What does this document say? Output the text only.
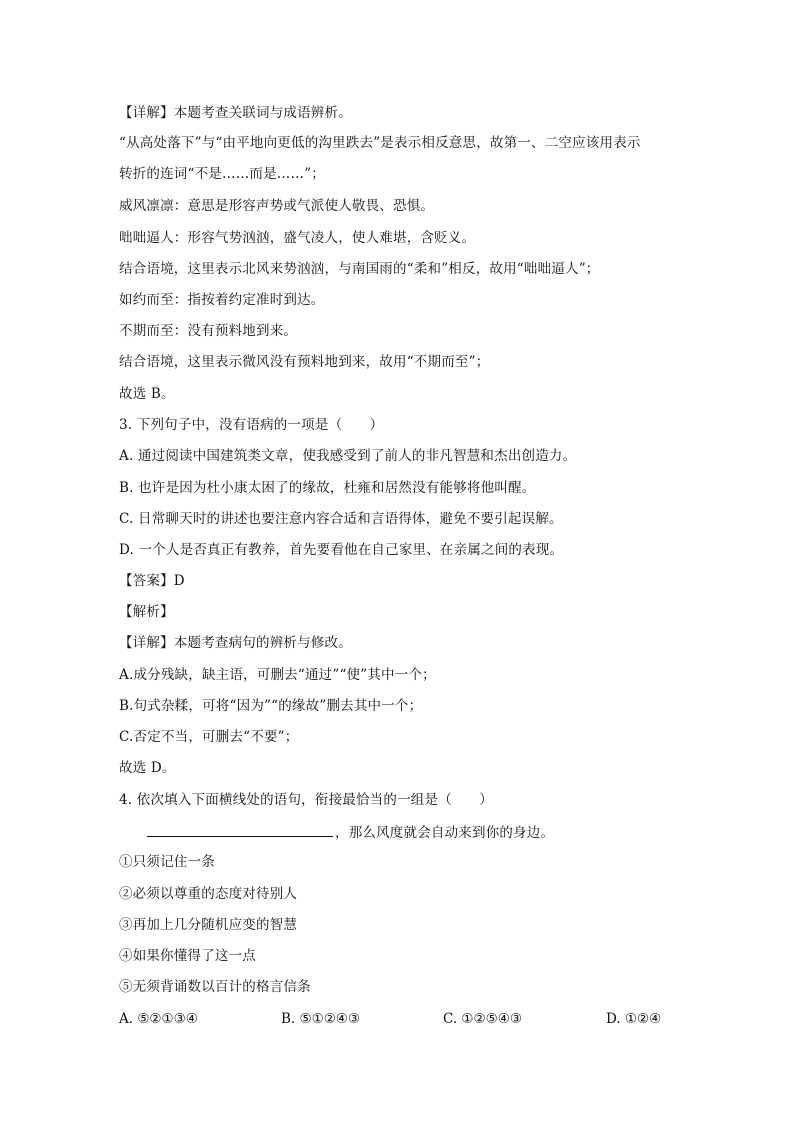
【详解】本题考查关联词与成语辨析。
“从高处落下”与“由平地向更低的沟里跌去”是表示相反意思，故第一、二空应该用表示
转折的连词“不是……而是……”；
威风凛凛：意思是形容声势或气派使人敬畏、恐惧。
咄咄逼人：形容气势汹汹，盛气凌人，使人难堪，含贬义。
结合语境，这里表示北风来势汹汹，与南国雨的“柔和”相反，故用“咄咄逼人”；
如约而至：指按着约定准时到达。
不期而至：没有预料地到来。
结合语境，这里表示微风没有预料地到来，故用“不期而至”；
故选 B。
3. 下列句子中，没有语病的一项是（　　）
A. 通过阅读中国建筑类文章，使我感受到了前人的非凡智慧和杰出创造力。
B. 也许是因为杜小康太困了的缘故，杜雍和居然没有能够将他叫醒。
C. 日常聊天时的讲述也要注意内容合适和言语得体，避免不要引起误解。
D. 一个人是否真正有教养，首先要看他在自己家里、在亲属之间的表现。
【答案】D
【解析】
【详解】本题考查病句的辨析与修改。
A.成分残缺，缺主语，可删去“通过”“使”其中一个；
B.句式杂糅，可将“因为”“的缘故”删去其中一个；
C.否定不当，可删去“不要”；
故选 D。
4. 依次填入下面横线处的语句，衔接最恰当的一组是（　　）
，那么风度就会自动来到你的身边。
①只须记住一条
②必须以尊重的态度对待别人
③再加上几分随机应变的智慧
④如果你懂得了这一点
⑤无须背诵数以百计的格言信条
A. ⑤②①③④	B. ⑤①②④③	C. ①②⑤④③	D. ①②④
